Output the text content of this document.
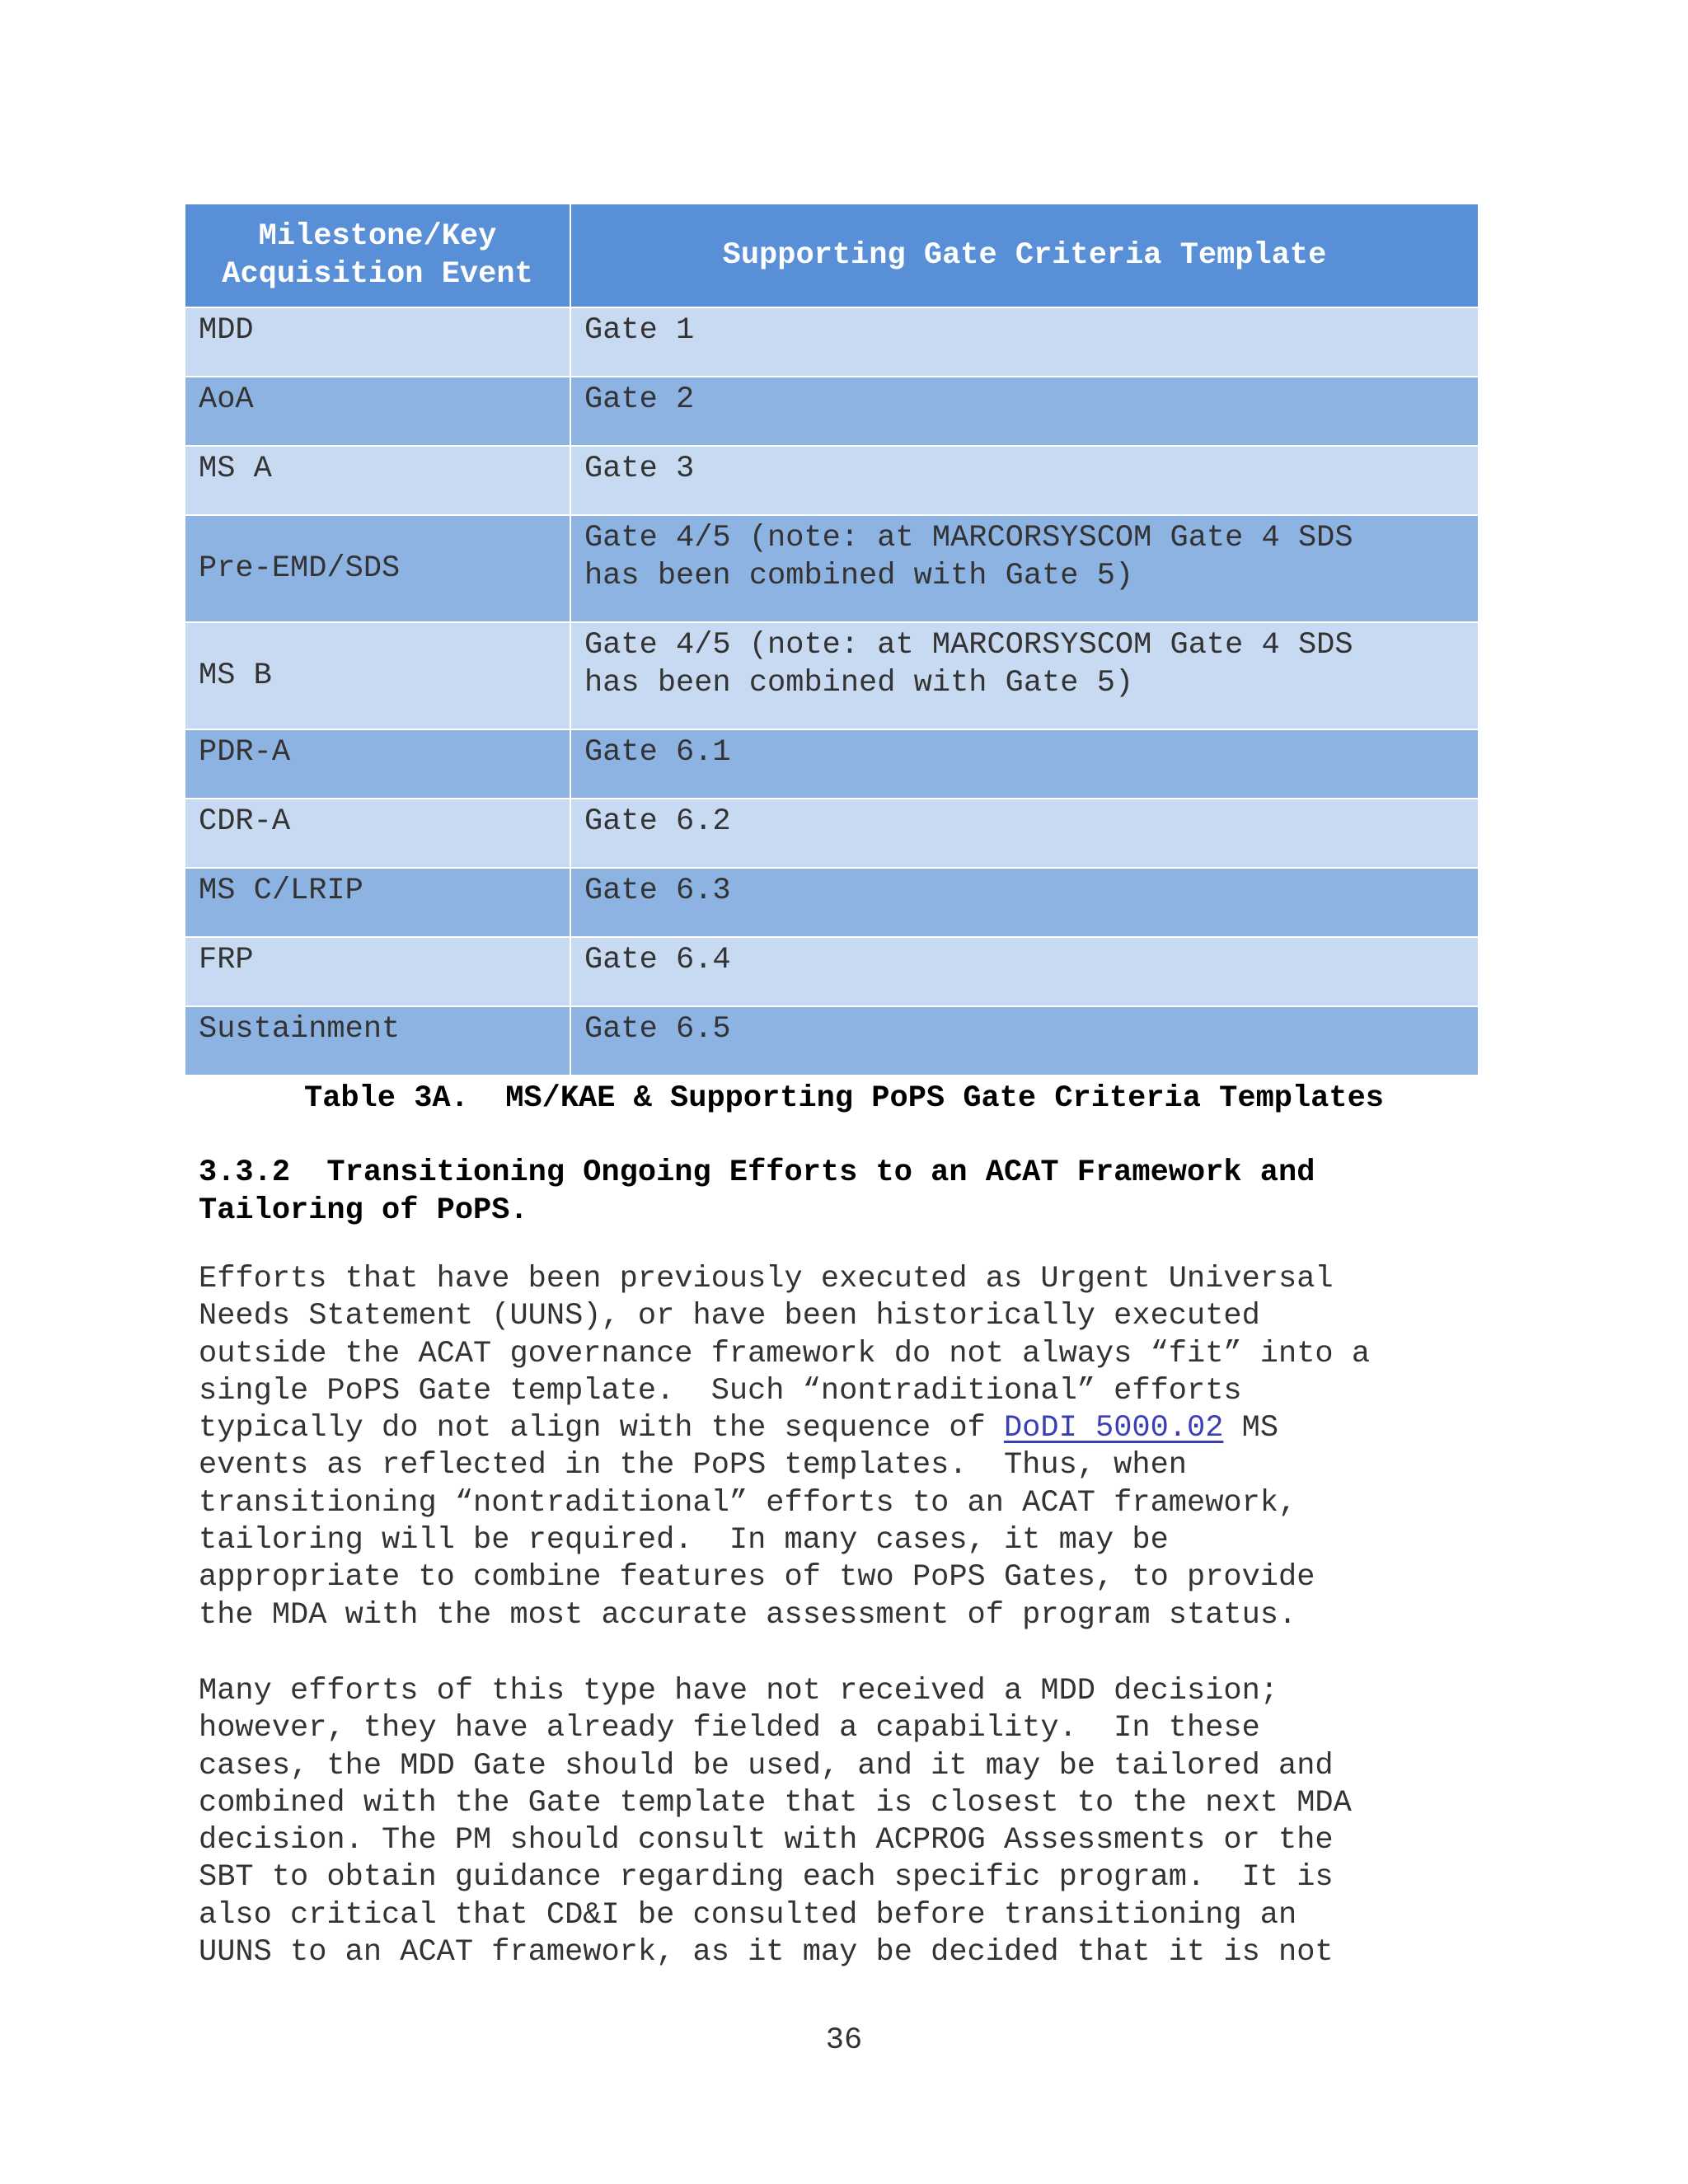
Milestone/Key
Acquisition Event	Supporting Gate Criteria Template
MDD	Gate 1
AoA	Gate 2
MS A	Gate 3
Pre-EMD/SDS	Gate 4/5 (note: at MARCORSYSCOM Gate 4 SDS
has been combined with Gate 5)
MS B	Gate 4/5 (note: at MARCORSYSCOM Gate 4 SDS
has been combined with Gate 5)
PDR-A	Gate 6.1
CDR-A	Gate 6.2
MS C/LRIP	Gate 6.3
FRP	Gate 6.4
Sustainment	Gate 6.5

Table 3A.  MS/KAE & Supporting PoPS Gate Criteria Templates

3.3.2  Transitioning Ongoing Efforts to an ACAT Framework and
Tailoring of PoPS.

Efforts that have been previously executed as Urgent Universal
Needs Statement (UUNS), or have been historically executed
outside the ACAT governance framework do not always “fit” into a
single PoPS Gate template.  Such “nontraditional” efforts
typically do not align with the sequence of DoDI 5000.02 MS
events as reflected in the PoPS templates.  Thus, when
transitioning “nontraditional” efforts to an ACAT framework,
tailoring will be required.  In many cases, it may be
appropriate to combine features of two PoPS Gates, to provide
the MDA with the most accurate assessment of program status.

Many efforts of this type have not received a MDD decision;
however, they have already fielded a capability.  In these
cases, the MDD Gate should be used, and it may be tailored and
combined with the Gate template that is closest to the next MDA
decision. The PM should consult with ACPROG Assessments or the
SBT to obtain guidance regarding each specific program.  It is
also critical that CD&I be consulted before transitioning an
UUNS to an ACAT framework, as it may be decided that it is not

36
